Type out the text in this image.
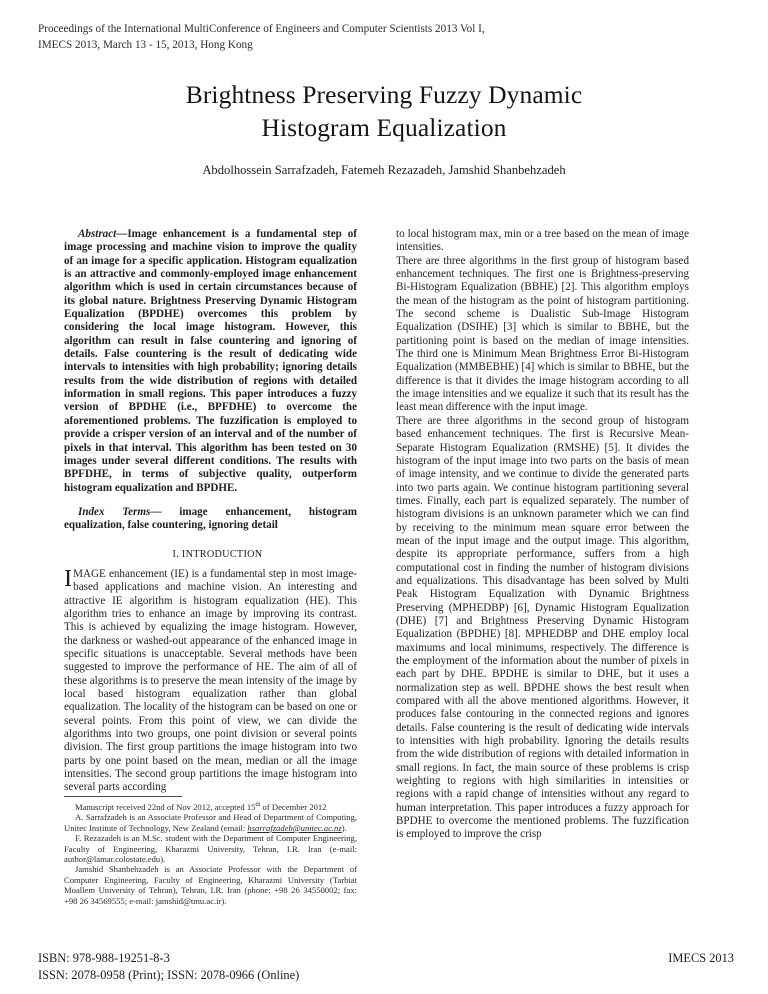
Proceedings of the International MultiConference of Engineers and Computer Scientists 2013 Vol I,
IMECS 2013, March 13 - 15, 2013, Hong Kong
Brightness Preserving Fuzzy Dynamic
Histogram Equalization
Abdolhossein Sarrafzadeh, Fatemeh Rezazadeh, Jamshid Shanbehzadeh

Abstract—Image enhancement is a fundamental step of image processing and machine vision to improve the quality of an image for a specific application. Histogram equalization is an attractive and commonly-employed image enhancement algorithm which is used in certain circumstances because of its global nature. Brightness Preserving Dynamic Histogram Equalization (BPDHE) overcomes this problem by considering the local image histogram. However, this algorithm can result in false countering and ignoring of details. False countering is the result of dedicating wide intervals to intensities with high probability; ignoring details results from the wide distribution of regions with detailed information in small regions. This paper introduces a fuzzy version of BPDHE (i.e., BPFDHE) to overcome the aforementioned problems. The fuzzification is employed to provide a crisper version of an interval and of the number of pixels in that interval. This algorithm has been tested on 30 images under several different conditions. The results with BPFDHE, in terms of subjective quality, outperform histogram equalization and BPDHE.

Index Terms— image enhancement, histogram equalization, false countering, ignoring detail

I. INTRODUCTION

IMAGE enhancement (IE) is a fundamental step in most image-based applications and machine vision. An interesting and attractive IE algorithm is histogram equalization (HE). This algorithm tries to enhance an image by improving its contrast. This is achieved by equalizing the image histogram. However, the darkness or washed-out appearance of the enhanced image in specific situations is unacceptable. Several methods have been suggested to improve the performance of HE. The aim of all of these algorithms is to preserve the mean intensity of the image by local based histogram equalization rather than global equalization. The locality of the histogram can be based on one or several points. From this point of view, we can divide the algorithms into two groups, one point division or several points division. The first group partitions the image histogram into two parts by one point based on the mean, median or all the image intensities. The second group partitions the image histogram into several parts according

to local histogram max, min or a tree based on the mean of image intensities.

There are three algorithms in the first group of histogram based enhancement techniques. The first one is Brightness-preserving Bi-Histogram Equalization (BBHE) [2]. This algorithm employs the mean of the histogram as the point of histogram partitioning. The second scheme is Dualistic Sub-Image Histogram Equalization (DSIHE) [3] which is similar to BBHE, but the partitioning point is based on the median of image intensities. The third one is Minimum Mean Brightness Error Bi-Histogram Equalization (MMBEBHE) [4] which is similar to BBHE, but the difference is that it divides the image histogram according to all the image intensities and we equalize it such that its result has the least mean difference with the input image.

There are three algorithms in the second group of histogram based enhancement techniques. The first is Recursive Mean-Separate Histogram Equalization (RMSHE) [5]. It divides the histogram of the input image into two parts on the basis of mean of image intensity, and we continue to divide the generated parts into two parts again. We continue histogram partitioning several times. Finally, each part is equalized separately. The number of histogram divisions is an unknown parameter which we can find by receiving to the minimum mean square error between the mean of the input image and the output image. This algorithm, despite its appropriate performance, suffers from a high computational cost in finding the number of histogram divisions and equalizations. This disadvantage has been solved by Multi Peak Histogram Equalization with Dynamic Brightness Preserving (MPHEDBP) [6], Dynamic Histogram Equalization (DHE) [7] and Brightness Preserving Dynamic Histogram Equalization (BPDHE) [8]. MPHEDBP and DHE employ local maximums and local minimums, respectively. The difference is the employment of the information about the number of pixels in each part by DHE. BPDHE is similar to DHE, but it uses a normalization step as well. BPDHE shows the best result when compared with all the above mentioned algorithms. However, it produces false contouring in the connected regions and ignores details. False countering is the result of dedicating wide intervals to intensities with high probability. Ignoring the details results from the wide distribution of regions with detailed information in small regions. In fact, the main source of these problems is crisp weighting to regions with high similarities in intensities or regions with a rapid change of intensities without any regard to human interpretation. This paper introduces a fuzzy approach for BPDHE to overcome the mentioned problems. The fuzzification is employed to improve the crisp

Manuscript received 22nd of Nov 2012, accepted 15th of December 2012

A. Sarrafzadeh is an Associate Professor and Head of Department of Computing, Unitec Institute of Technology, New Zealand (email: hsarrafzadeh@unitec.ac.nz).

F. Rezazadeh is an M.Sc. student with the Department of Computer Engineering, Faculty of Engineering, Kharazmi University, Tehran, I.R. Iran (e-mail: author@lamar.colostate.edu).

Jamshid Shanbehzadeh is an Associate Professor with the Department of Computer Engineering, Faculty of Engineering, Kharazmi University (Tarbiat Moallem University of Tehran), Tehran, I.R. Iran (phone: +98 26 34550002; fax: +98 26 34569555; e-mail: jamshid@tmu.ac.ir).

ISBN: 978-988-19251-8-3
ISSN: 2078-0958 (Print); ISSN: 2078-0966 (Online)
IMECS 2013
